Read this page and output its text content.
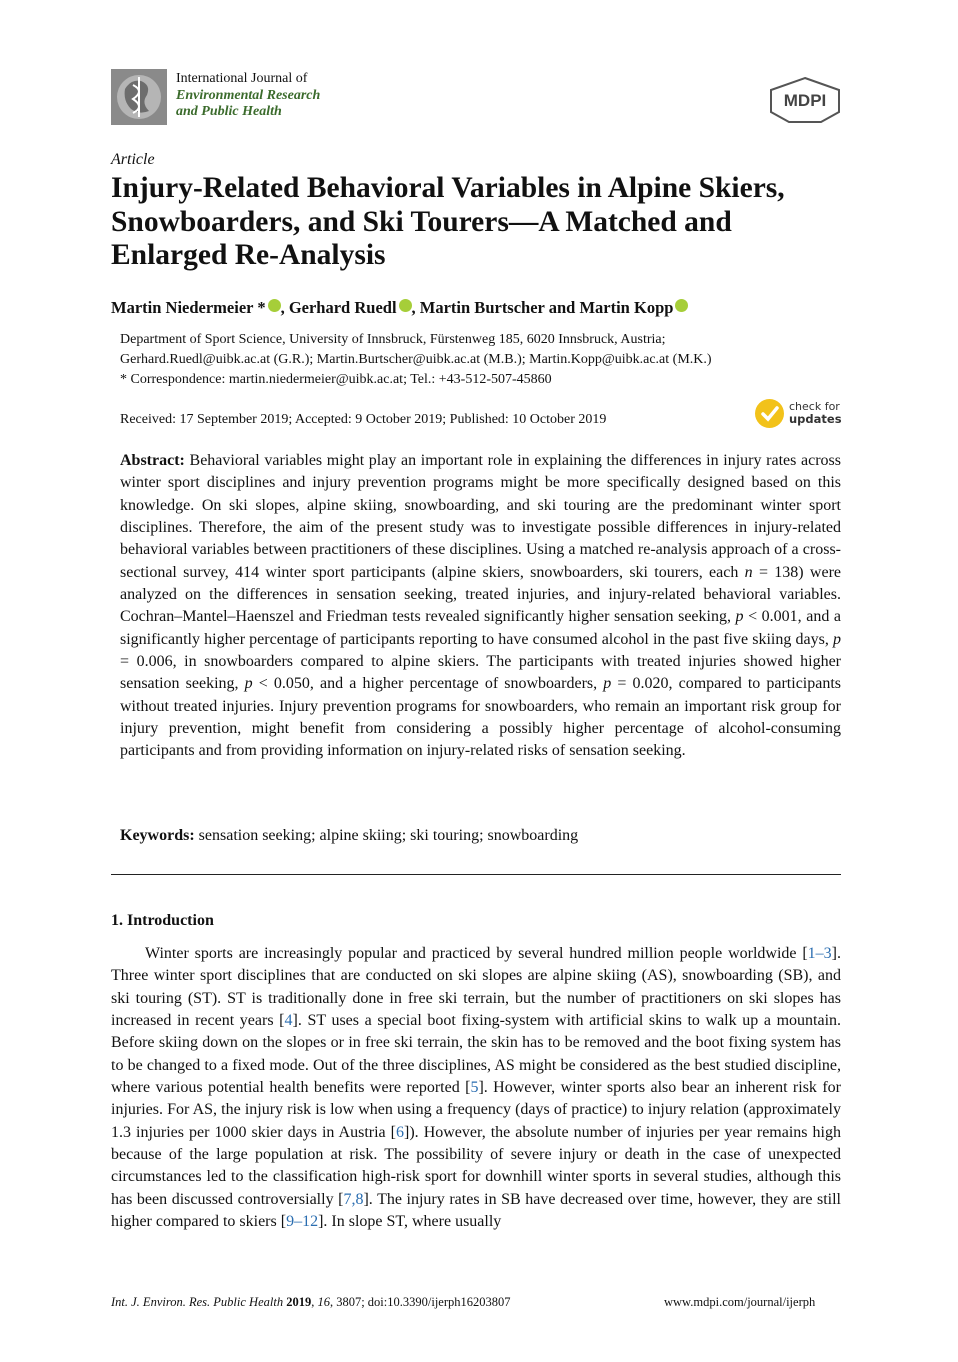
International Journal of
Environmental Research
and Public Health
MDPI
Article
Injury-Related Behavioral Variables in Alpine Skiers, Snowboarders, and Ski Tourers—A Matched and Enlarged Re-Analysis
Martin Niedermeier * , Gerhard Ruedl , Martin Burtscher and Martin Kopp
Department of Sport Science, University of Innsbruck, Fürstenweg 185, 6020 Innsbruck, Austria;
Gerhard.Ruedl@uibk.ac.at (G.R.); Martin.Burtscher@uibk.ac.at (M.B.); Martin.Kopp@uibk.ac.at (M.K.)
* Correspondence: martin.niedermeier@uibk.ac.at; Tel.: +43-512-507-45860
Received: 17 September 2019; Accepted: 9 October 2019; Published: 10 October 2019
check for
updates

Abstract: Behavioral variables might play an important role in explaining the differences in injury rates across winter sport disciplines and injury prevention programs might be more specifically designed based on this knowledge. On ski slopes, alpine skiing, snowboarding, and ski touring are the predominant winter sport disciplines. Therefore, the aim of the present study was to investigate possible differences in injury-related behavioral variables between practitioners of these disciplines. Using a matched re-analysis approach of a cross-sectional survey, 414 winter sport participants (alpine skiers, snowboarders, ski tourers, each n = 138) were analyzed on the differences in sensation seeking, treated injuries, and injury-related behavioral variables. Cochran–Mantel–Haenszel and Friedman tests revealed significantly higher sensation seeking, p < 0.001, and a significantly higher percentage of participants reporting to have consumed alcohol in the past five skiing days, p = 0.006, in snowboarders compared to alpine skiers. The participants with treated injuries showed higher sensation seeking, p < 0.050, and a higher percentage of snowboarders, p = 0.020, compared to participants without treated injuries. Injury prevention programs for snowboarders, who remain an important risk group for injury prevention, might benefit from considering a possibly higher percentage of alcohol-consuming participants and from providing information on injury-related risks of sensation seeking.

Keywords: sensation seeking; alpine skiing; ski touring; snowboarding

1. Introduction

Winter sports are increasingly popular and practiced by several hundred million people worldwide [1–3]. Three winter sport disciplines that are conducted on ski slopes are alpine skiing (AS), snowboarding (SB), and ski touring (ST). ST is traditionally done in free ski terrain, but the number of practitioners on ski slopes has increased in recent years [4]. ST uses a special boot fixing-system with artificial skins to walk up a mountain. Before skiing down on the slopes or in free ski terrain, the skin has to be removed and the boot fixing system has to be changed to a fixed mode. Out of the three disciplines, AS might be considered as the best studied discipline, where various potential health benefits were reported [5]. However, winter sports also bear an inherent risk for injuries. For AS, the injury risk is low when using a frequency (days of practice) to injury relation (approximately 1.3 injuries per 1000 skier days in Austria [6]). However, the absolute number of injuries per year remains high because of the large population at risk. The possibility of severe injury or death in the case of unexpected circumstances led to the classification high-risk sport for downhill winter sports in several studies, although this has been discussed controversially [7,8]. The injury rates in SB have decreased over time, however, they are still higher compared to skiers [9–12]. In slope ST, where usually

Int. J. Environ. Res. Public Health 2019, 16, 3807; doi:10.3390/ijerph16203807	www.mdpi.com/journal/ijerph
